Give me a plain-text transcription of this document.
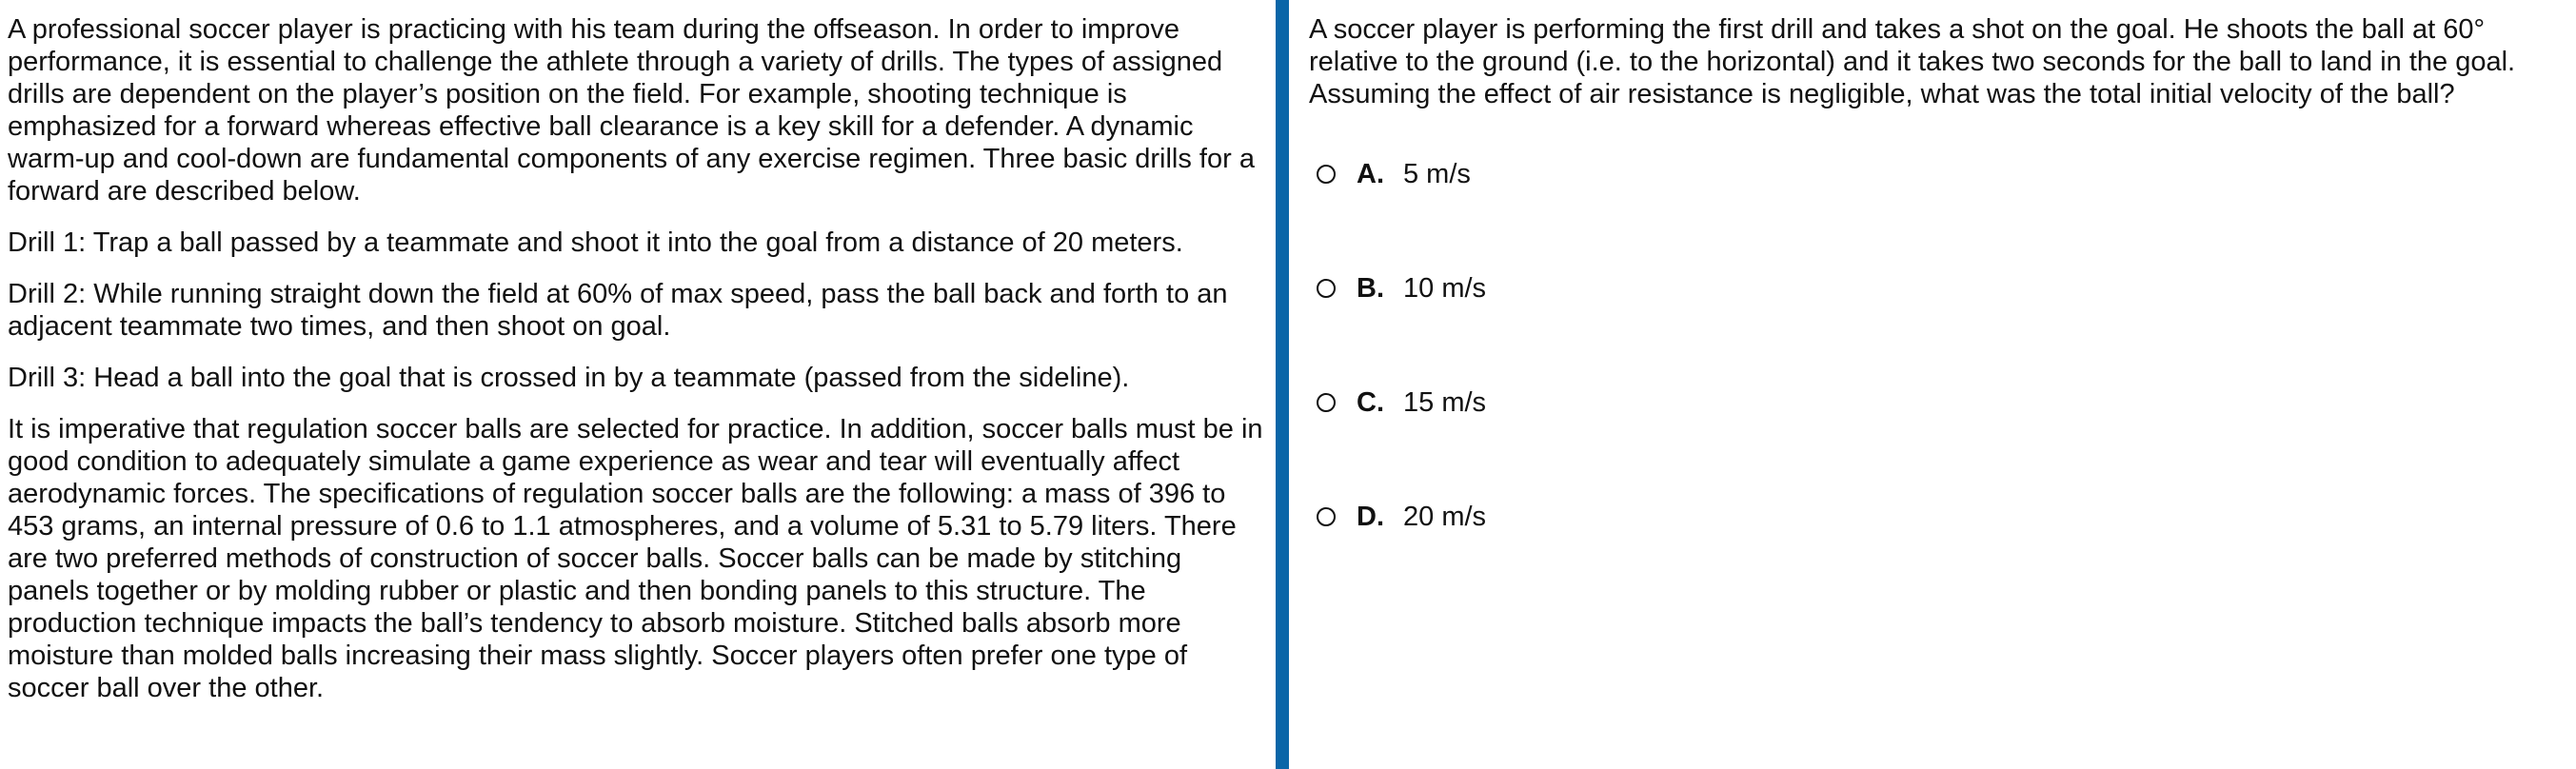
A professional soccer player is practicing with his team during the offseason. In order to improve performance, it is essential to challenge the athlete through a variety of drills. The types of assigned drills are dependent on the player’s position on the field. For example, shooting technique is emphasized for a forward whereas effective ball clearance is a key skill for a defender. A dynamic warm-up and cool-down are fundamental components of any exercise regimen. Three basic drills for a forward are described below.

Drill 1: Trap a ball passed by a teammate and shoot it into the goal from a distance of 20 meters.

Drill 2: While running straight down the field at 60% of max speed, pass the ball back and forth to an adjacent teammate two times, and then shoot on goal.

Drill 3: Head a ball into the goal that is crossed in by a teammate (passed from the sideline).

It is imperative that regulation soccer balls are selected for practice. In addition, soccer balls must be in good condition to adequately simulate a game experience as wear and tear will eventually affect aerodynamic forces. The specifications of regulation soccer balls are the following: a mass of 396 to 453 grams, an internal pressure of 0.6 to 1.1 atmospheres, and a volume of 5.31 to 5.79 liters. There are two preferred methods of construction of soccer balls. Soccer balls can be made by stitching panels together or by molding rubber or plastic and then bonding panels to this structure. The production technique impacts the ball’s tendency to absorb moisture. Stitched balls absorb more moisture than molded balls increasing their mass slightly. Soccer players often prefer one type of soccer ball over the other.

A soccer player is performing the first drill and takes a shot on the goal. He shoots the ball at 60° relative to the ground (i.e. to the horizontal) and it takes two seconds for the ball to land in the goal. Assuming the effect of air resistance is negligible, what was the total initial velocity of the ball?

A. 5 m/s
B. 10 m/s
C. 15 m/s
D. 20 m/s
